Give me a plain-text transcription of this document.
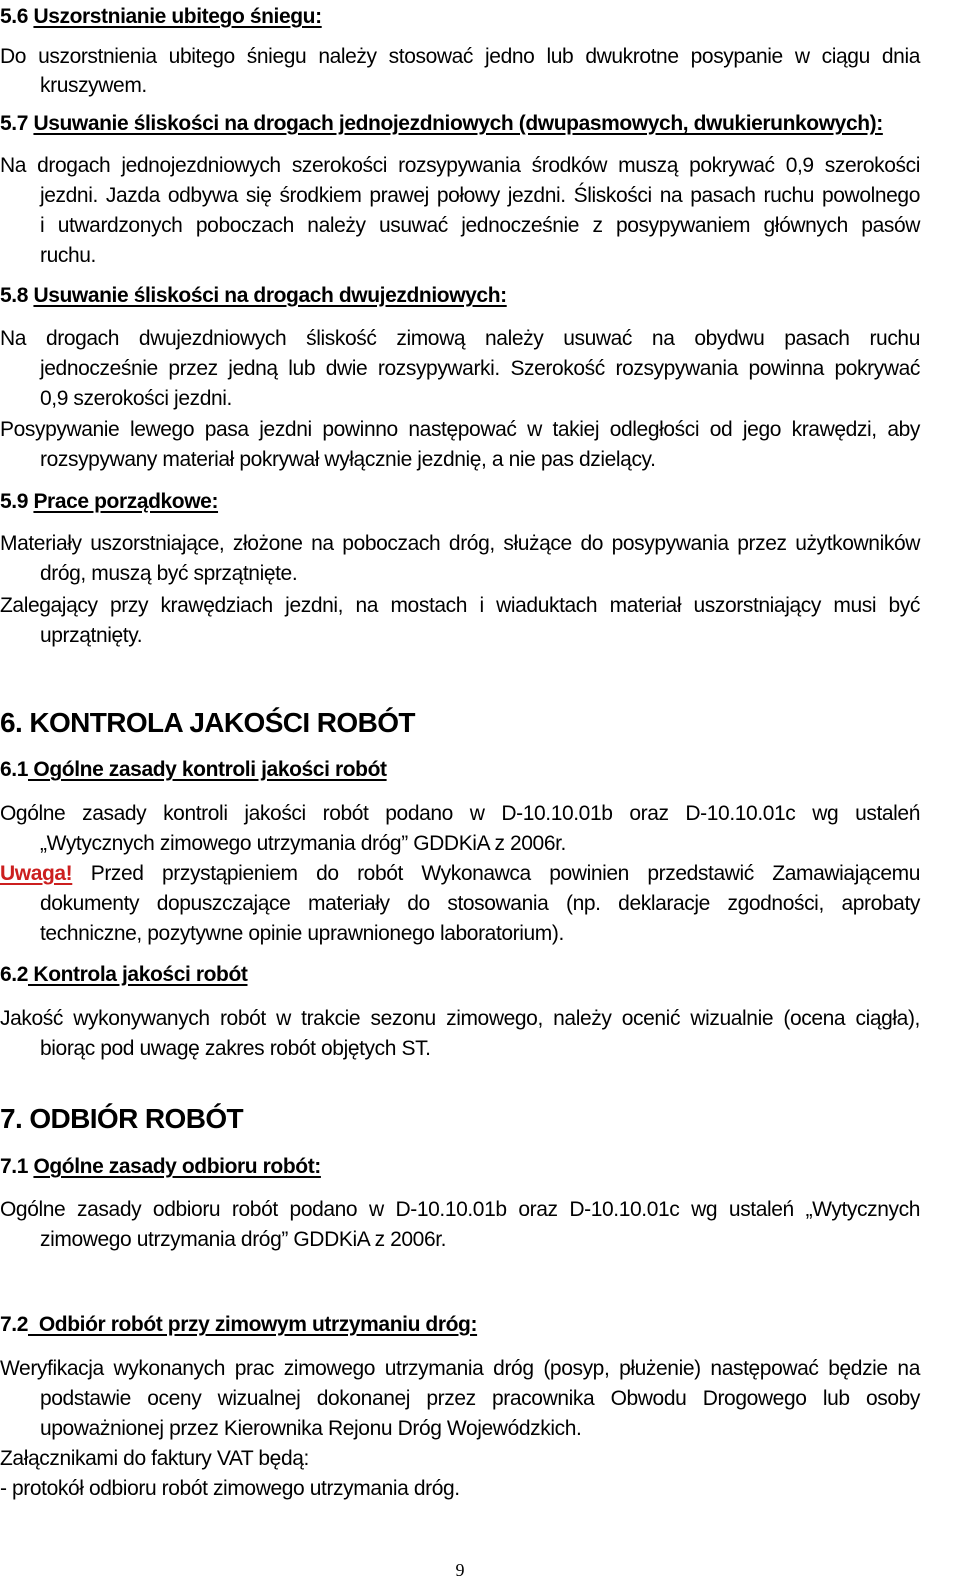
5.6 Uszorstnianie ubitego śniegu:
Do uszorstnienia ubitego śniegu należy stosować jedno lub dwukrotne posypanie w ciągu dnia
kruszywem.
5.7 Usuwanie śliskości na drogach jednojezdniowych (dwupasmowych, dwukierunkowych):
Na drogach jednojezdniowych szerokości rozsypywania środków muszą pokrywać 0,9 szerokości
jezdni. Jazda odbywa się środkiem prawej połowy jezdni. Śliskości na pasach ruchu powolnego
i utwardzonych poboczach należy usuwać jednocześnie z posypywaniem głównych pasów
ruchu.
5.8 Usuwanie śliskości na drogach dwujezdniowych:
Na drogach dwujezdniowych śliskość zimową należy usuwać na obydwu pasach ruchu
jednocześnie przez jedną lub dwie rozsypywarki. Szerokość rozsypywania powinna pokrywać
0,9 szerokości jezdni.
Posypywanie lewego pasa jezdni powinno następować w takiej odległości od jego krawędzi, aby
rozsypywany materiał pokrywał wyłącznie jezdnię, a nie pas dzielący.
5.9 Prace porządkowe:
Materiały uszorstniające, złożone na poboczach dróg, służące do posypywania przez użytkowników
dróg, muszą być sprzątnięte.
Zalegający przy krawędziach jezdni, na mostach i wiaduktach materiał uszorstniający musi być
uprzątnięty.
6. KONTROLA JAKOŚCI ROBÓT
6.1 Ogólne zasady kontroli jakości robót
Ogólne zasady kontroli jakości robót podano w D-10.10.01b oraz D-10.10.01c wg ustaleń
„Wytycznych zimowego utrzymania dróg” GDDKiA z 2006r.
Uwaga! Przed przystąpieniem do robót Wykonawca powinien przedstawić Zamawiającemu
dokumenty dopuszczające materiały do stosowania (np. deklaracje zgodności, aprobaty
techniczne, pozytywne opinie uprawnionego laboratorium).
6.2 Kontrola jakości robót
Jakość wykonywanych robót w trakcie sezonu zimowego, należy ocenić wizualnie (ocena ciągła),
biorąc pod uwagę zakres robót objętych ST.
7. ODBIÓR ROBÓT
7.1 Ogólne zasady odbioru robót:
Ogólne zasady odbioru robót podano w D-10.10.01b oraz D-10.10.01c wg ustaleń „Wytycznych
zimowego utrzymania dróg” GDDKiA z 2006r.
7.2  Odbiór robót przy zimowym utrzymaniu dróg:
Weryfikacja wykonanych prac zimowego utrzymania dróg (posyp, płużenie) następować będzie na
podstawie oceny wizualnej dokonanej przez pracownika Obwodu Drogowego lub osoby
upoważnionej przez Kierownika Rejonu Dróg Wojewódzkich.
Załącznikami do faktury VAT będą:
- protokół odbioru robót zimowego utrzymania dróg.
9
